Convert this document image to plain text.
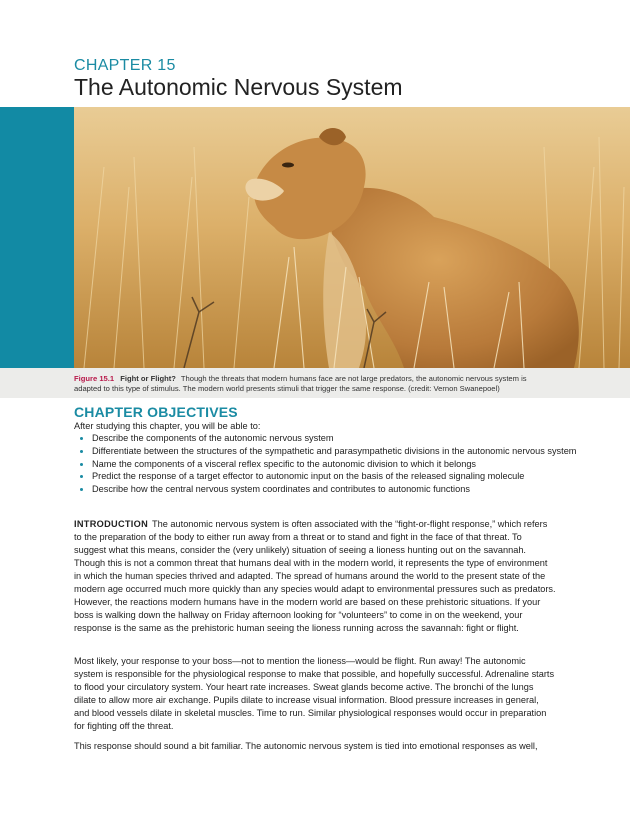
CHAPTER 15
The Autonomic Nervous System
Figure 15.1 Fight or Flight? Though the threats that modern humans face are not large predators, the autonomic nervous system is adapted to this type of stimulus. The modern world presents stimuli that trigger the same response. (credit: Vernon Swanepoel)
CHAPTER OBJECTIVES
After studying this chapter, you will be able to:
• Describe the components of the autonomic nervous system
• Differentiate between the structures of the sympathetic and parasympathetic divisions in the autonomic nervous system
• Name the components of a visceral reflex specific to the autonomic division to which it belongs
• Predict the response of a target effector to autonomic input on the basis of the released signaling molecule
• Describe how the central nervous system coordinates and contributes to autonomic functions

INTRODUCTION The autonomic nervous system is often associated with the “fight-or-flight response,” which refers to the preparation of the body to either run away from a threat or to stand and fight in the face of that threat. To suggest what this means, consider the (very unlikely) situation of seeing a lioness hunting out on the savannah. Though this is not a common threat that humans deal with in the modern world, it represents the type of environment in which the human species thrived and adapted. The spread of humans around the world to the present state of the modern age occurred much more quickly than any species would adapt to environmental pressures such as predators. However, the reactions modern humans have in the modern world are based on these prehistoric situations. If your boss is walking down the hallway on Friday afternoon looking for “volunteers” to come in on the weekend, your response is the same as the prehistoric human seeing the lioness running across the savannah: fight or flight.

Most likely, your response to your boss—not to mention the lioness—would be flight. Run away! The autonomic system is responsible for the physiological response to make that possible, and hopefully successful. Adrenaline starts to flood your circulatory system. Your heart rate increases. Sweat glands become active. The bronchi of the lungs dilate to allow more air exchange. Pupils dilate to increase visual information. Blood pressure increases in general, and blood vessels dilate in skeletal muscles. Time to run. Similar physiological responses would occur in preparation for fighting off the threat.

This response should sound a bit familiar. The autonomic nervous system is tied into emotional responses as well,
